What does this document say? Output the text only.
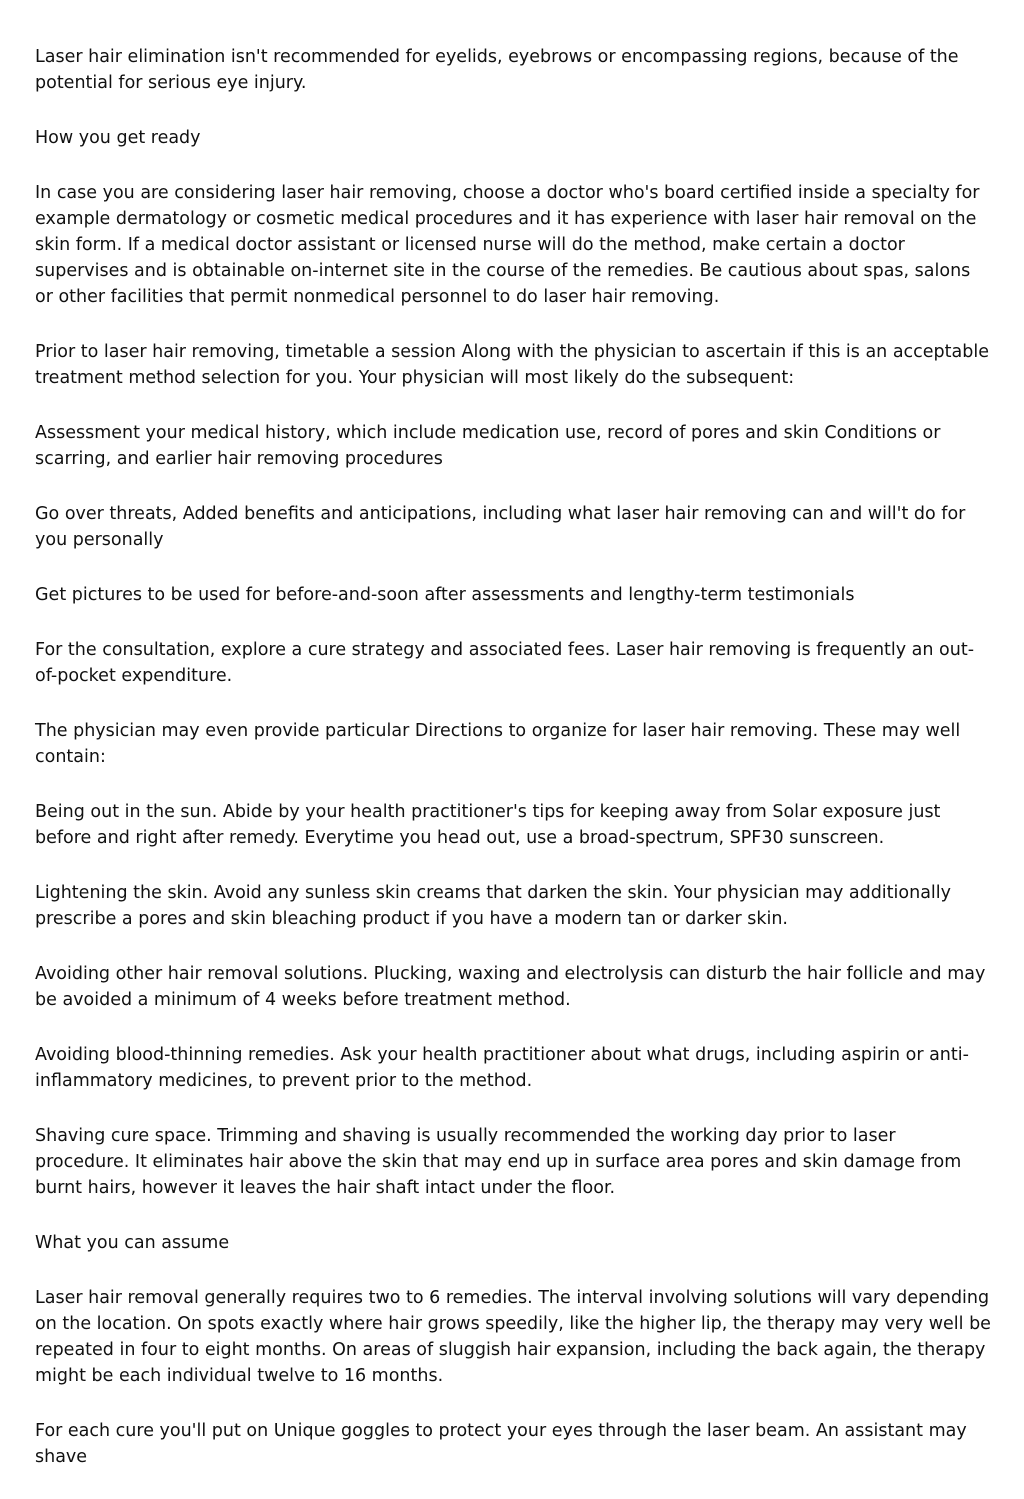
Laser hair elimination isn't recommended for eyelids, eyebrows or encompassing regions, because of the potential for serious eye injury.

How you get ready

In case you are considering laser hair removing, choose a doctor who's board certified inside a specialty for example dermatology or cosmetic medical procedures and it has experience with laser hair removal on the skin form. If a medical doctor assistant or licensed nurse will do the method, make certain a doctor supervises and is obtainable on-internet site in the course of the remedies. Be cautious about spas, salons or other facilities that permit nonmedical personnel to do laser hair removing.

Prior to laser hair removing, timetable a session Along with the physician to ascertain if this is an acceptable treatment method selection for you. Your physician will most likely do the subsequent:

Assessment your medical history, which include medication use, record of pores and skin Conditions or scarring, and earlier hair removing procedures

Go over threats, Added benefits and anticipations, including what laser hair removing can and will't do for you personally

Get pictures to be used for before-and-soon after assessments and lengthy-term testimonials

For the consultation, explore a cure strategy and associated fees. Laser hair removing is frequently an out-of-pocket expenditure.

The physician may even provide particular Directions to organize for laser hair removing. These may well contain:

Being out in the sun. Abide by your health practitioner's tips for keeping away from Solar exposure just before and right after remedy. Everytime you head out, use a broad-spectrum, SPF30 sunscreen.

Lightening the skin. Avoid any sunless skin creams that darken the skin. Your physician may additionally prescribe a pores and skin bleaching product if you have a modern tan or darker skin.

Avoiding other hair removal solutions. Plucking, waxing and electrolysis can disturb the hair follicle and may be avoided a minimum of 4 weeks before treatment method.

Avoiding blood-thinning remedies. Ask your health practitioner about what drugs, including aspirin or anti-inflammatory medicines, to prevent prior to the method.

Shaving cure space. Trimming and shaving is usually recommended the working day prior to laser procedure. It eliminates hair above the skin that may end up in surface area pores and skin damage from burnt hairs, however it leaves the hair shaft intact under the floor.

What you can assume

Laser hair removal generally requires two to 6 remedies. The interval involving solutions will vary depending on the location. On spots exactly where hair grows speedily, like the higher lip, the therapy may very well be repeated in four to eight months. On areas of sluggish hair expansion, including the back again, the therapy might be each individual twelve to 16 months.

For each cure you'll put on Unique goggles to protect your eyes through the laser beam. An assistant may shave
